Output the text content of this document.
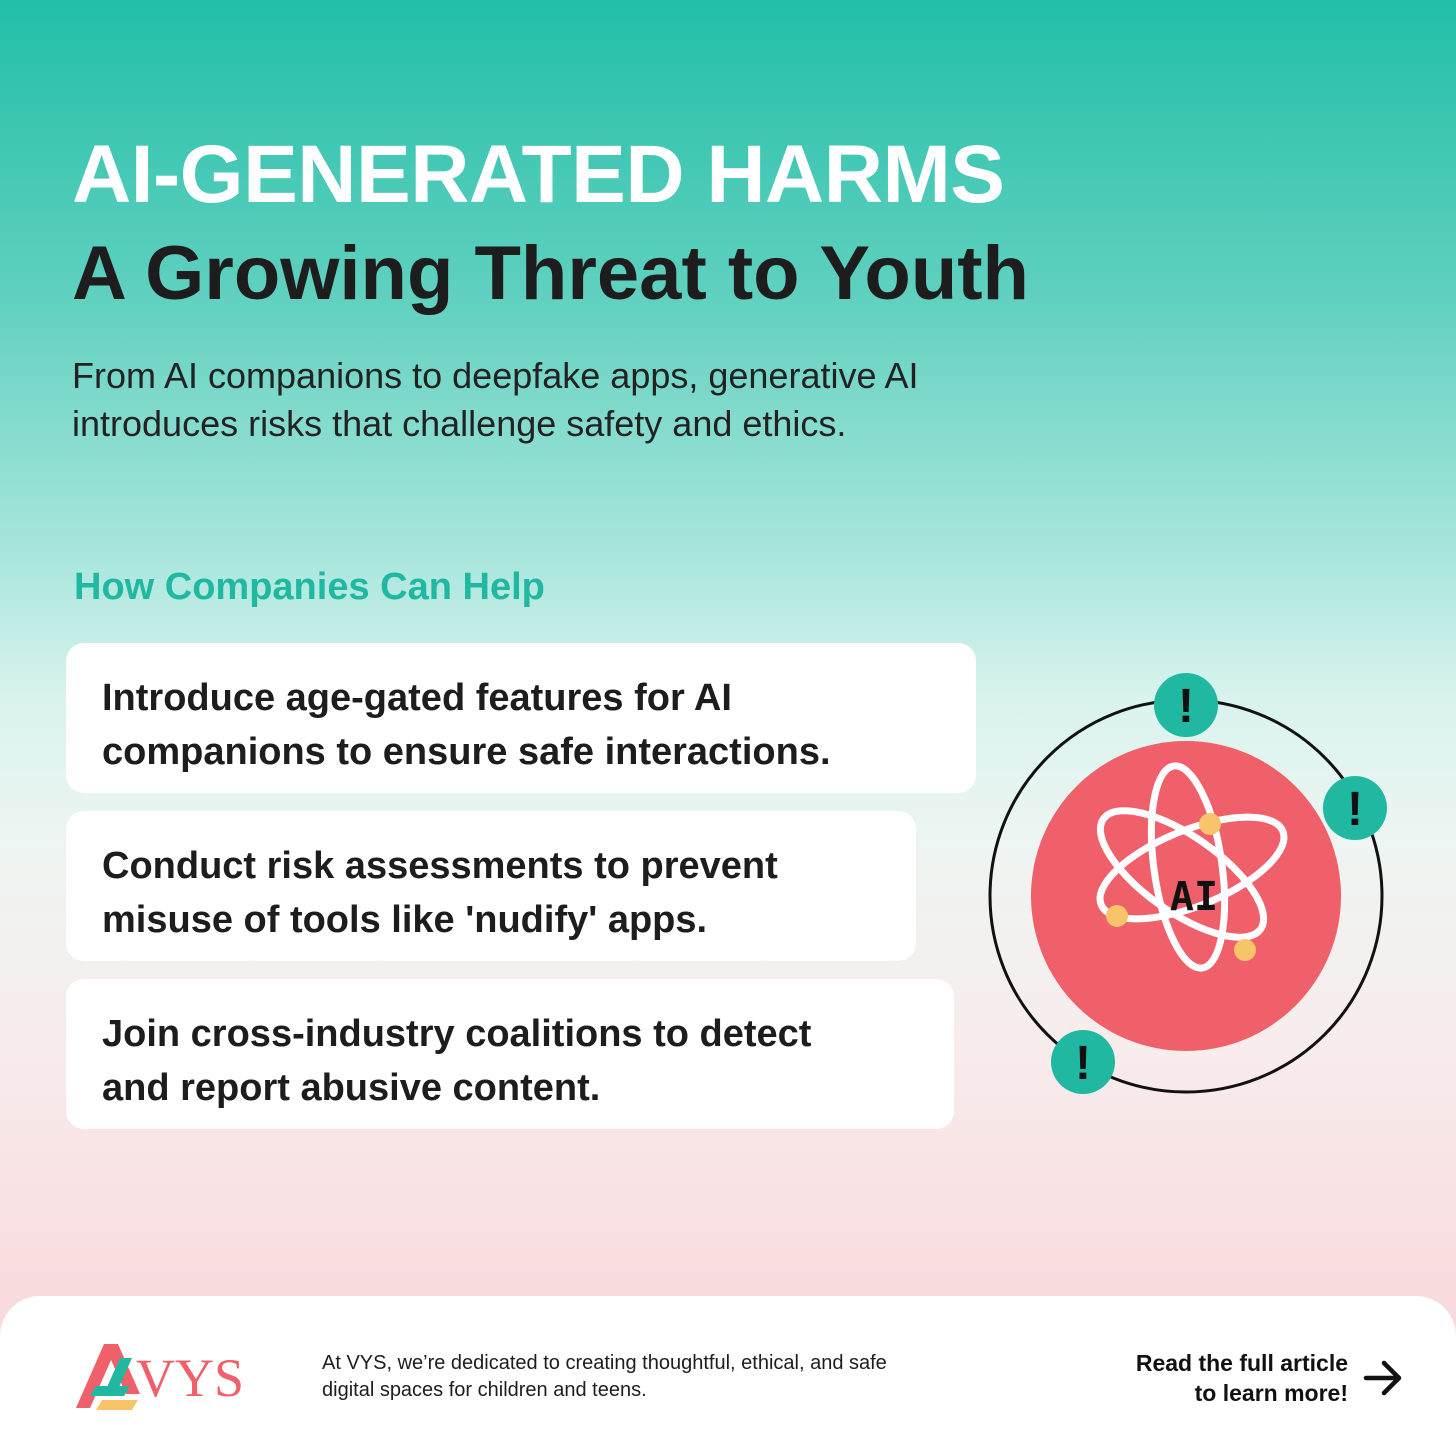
AI-GENERATED HARMS
A Growing Threat to Youth

From AI companions to deepfake apps, generative AI introduces risks that challenge safety and ethics.

How Companies Can Help

Introduce age-gated features for AI

companions to ensure safe interactions.

Conduct risk assessments to prevent

misuse of tools like 'nudify' apps.

Join cross-industry coalitions to detect

and report abusive content.

AI
!
!
!
VYS	At VYS, we’re dedicated to creating thoughtful, ethical, and safe digital spaces for children and teens.

Read the full article
to learn more!
